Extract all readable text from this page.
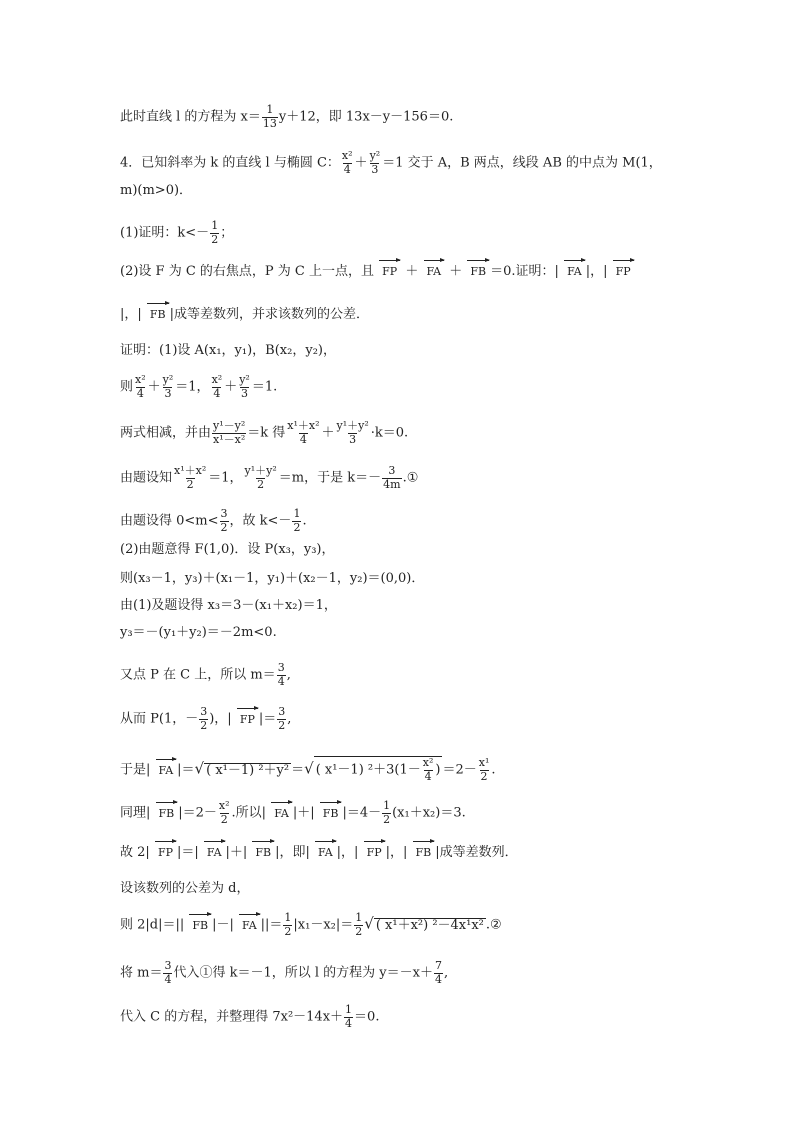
此时直线 l 的方程为 $x= \frac{1}{13} y+12$，即 13x－y－156＝0.
4．已知斜率为 k 的直线 l 与椭圆 C： $\frac{\text{x²}}{4} + \frac{\text{y²}}{3} =1$ 交于 A，B 两点，线段 AB 的中点为 M(1，
m)(m>0)．
(1)证明：$k<- \frac{1}{2}$ ；
(2)设 F 为 C 的右焦点，P 为 C 上一点，且 FP ＋ FA ＋ FB ＝0.证明：| FA |，| FP
|，| FB |成等差数列，并求该数列的公差．
证明：(1)设 A(x₁，y₁)，B(x₂，y₂)，
则 $\frac{\text{x²}}{4} + \frac{\text{y²}}{3} =1$， $\frac{\text{x²}}{4} + \frac{\text{y²}}{3} =1$.
两式相减，并由 $\frac{\text{y¹－y²}}{\text{x¹－x²}} =k$ 得 $\frac{\text{x¹＋x²}}{4} + \frac{\text{y¹＋y²}}{3} \cdot k=0$.
由题设知 $\frac{\text{x¹＋x²}}{2} =1$， $\frac{\text{y¹＋y²}}{2} =m$，于是 $k=- \frac{3}{4m}$ .①
由题设得 $0<m< \frac{3}{2}$ ，故 $k<- \frac{1}{2}$ .
(2)由题意得 F(1,0)．设 P(x₃，y₃)，
则(x₃－1，y₃)＋(x₁－1，y₁)＋(x₂－1，y₂)＝(0,0)．
由(1)及题设得 x₃＝3－(x₁＋x₂)＝1，
y₃＝－(y₁＋y₂)＝－2m<0.
又点 P 在 C 上，所以 $m= \frac{3}{4}$ ,
从而 P(1，－ $\frac{3}{2}$ )，| FP |＝ $\frac{3}{2}$ ,
于是| FA |＝√ ( x¹－1) ²＋y² ＝√ ( x¹－1) $^2+3(1- \frac{\text{x²}}{4}$ ) $=2- \frac{\text{x¹}}{2}$ .
同理| FB $|=2- \frac{\text{x²}}{2}$ .所以| FA |＋| FB $|=4- \frac{1}{2} (x_1+x_2)=3$.
故 2| FP |＝| FA |＋| FB |，即| FA |，| FP |，| FB |成等差数列．
设该数列的公差为 d，
则 2|d|＝|| FB |－| FA ||＝ $\frac{1}{2} |x_1-x_2|= \frac{1}{2}$ √ ( x¹＋x²) ²－4x¹x² .②
将 $m= \frac{3}{4}$ 代入①得 k＝－1，所以 l 的方程为 $y=-x+ \frac{7}{4}$ ,
代入 C 的方程，并整理得 $7x^2-14x+ \frac{1}{4} =0$.
